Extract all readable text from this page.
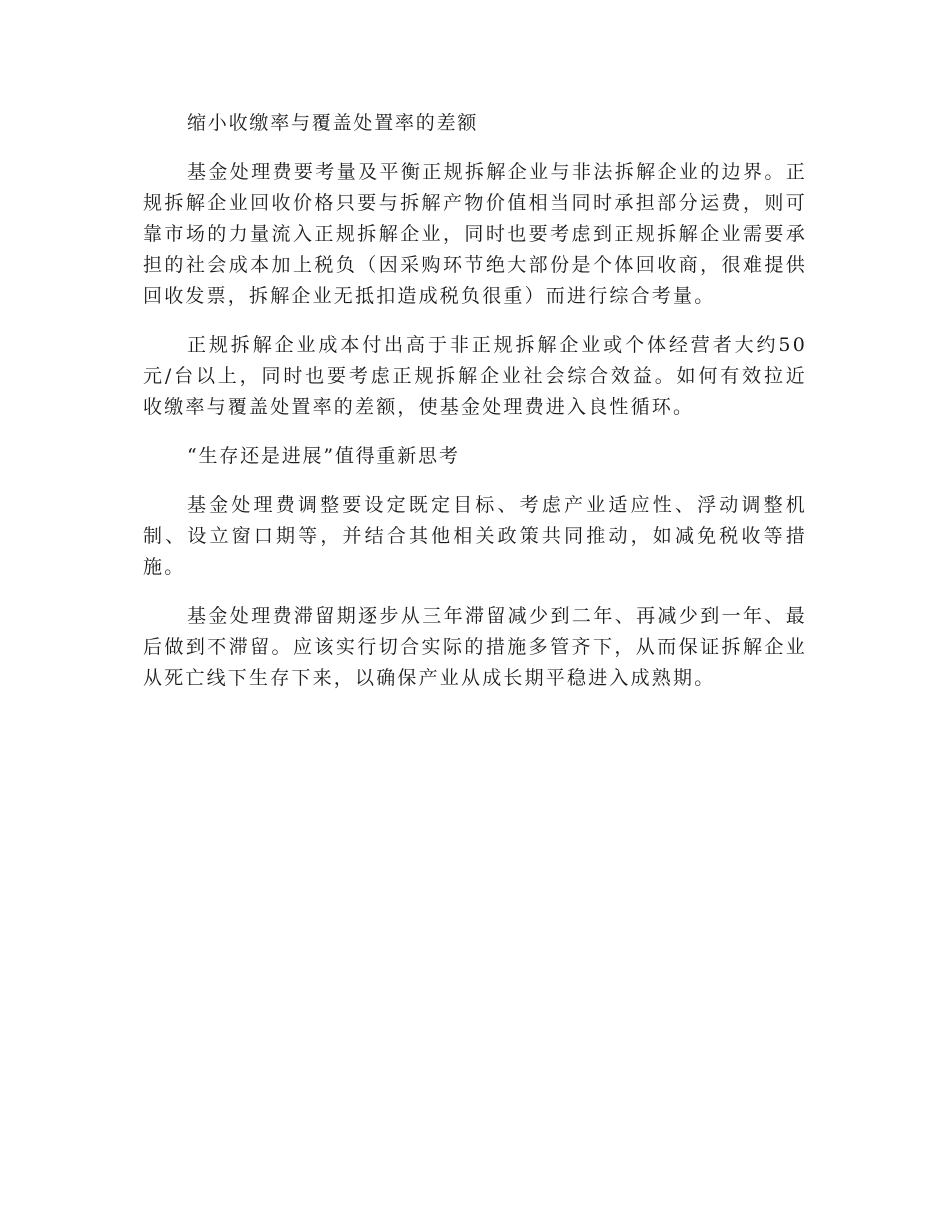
缩小收缴率与覆盖处置率的差额

基金处理费要考量及平衡正规拆解企业与非法拆解企业的边界。正规拆解企业回收价格只要与拆解产物价值相当同时承担部分运费，则可靠市场的力量流入正规拆解企业，同时也要考虑到正规拆解企业需要承担的社会成本加上税负（因采购环节绝大部份是个体回收商，很难提供回收发票，拆解企业无抵扣造成税负很重）而进行综合考量。

正规拆解企业成本付出高于非正规拆解企业或个体经营者大约50元/台以上，同时也要考虑正规拆解企业社会综合效益。如何有效拉近收缴率与覆盖处置率的差额，使基金处理费进入良性循环。

“生存还是进展”值得重新思考

基金处理费调整要设定既定目标、考虑产业适应性、浮动调整机制、设立窗口期等，并结合其他相关政策共同推动，如减免税收等措施。

基金处理费滞留期逐步从三年滞留减少到二年、再减少到一年、最后做到不滞留。应该实行切合实际的措施多管齐下，从而保证拆解企业从死亡线下生存下来，以确保产业从成长期平稳进入成熟期。
